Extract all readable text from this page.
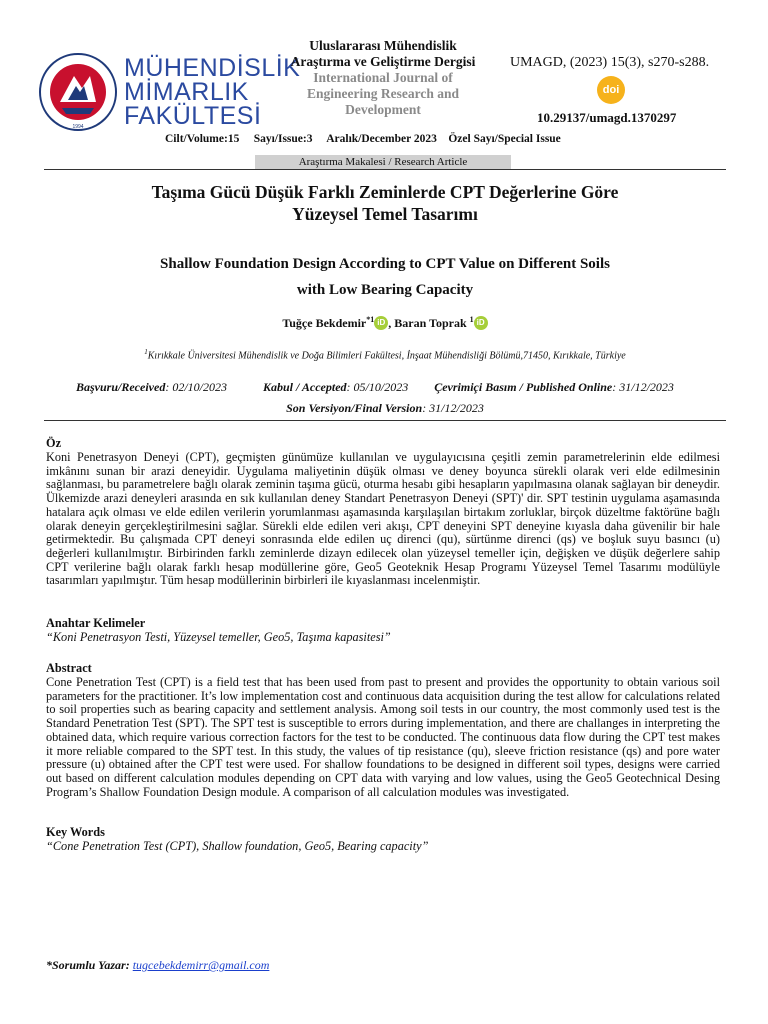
1994
MÜHENDİSLİK
MİMARLIK
FAKÜLTESİ
Uluslararası Mühendislik
Araştırma ve Geliştirme Dergisi
International Journal of
Engineering Research and
Development
UMAGD, (2023) 15(3), s270-s288.
doi
10.29137/umagd.1370297
Cilt/Volume:15     Sayı/Issue:3     Aralık/December 2023    Özel Sayı/Special Issue
Araştırma Makalesi / Research Article
Taşıma Gücü Düşük Farklı Zeminlerde CPT Değerlerine Göre
Yüzeysel Temel Tasarımı
Shallow Foundation Design According to CPT Value on Different Soils
with Low Bearing Capacity
Tuğçe Bekdemir$^{*1}$ iD , Baran Toprak $^1$ iD
$^1$Kırıkkale Üniversitesi Mühendislik ve Doğa Bilimleri Fakültesi, İnşaat Mühendisliği Bölümü,71450, Kırıkkale, Türkiye
Başvuru/Received: 02/10/2023	Kabul / Accepted: 05/10/2023 Çevrimiçi Basım / Published Online: 31/12/2023
Son Versiyon/Final Version: 31/12/2023
Öz
Koni Penetrasyon Deneyi (CPT), geçmişten günümüze kullanılan ve uygulayıcısına çeşitli zemin parametrelerinin elde edilmesi imkânını sunan bir arazi deneyidir. Uygulama maliyetinin düşük olması ve deney boyunca sürekli olarak veri elde edilmesinin sağlanması, bu parametrelere bağlı olarak zeminin taşıma gücü, oturma hesabı gibi hesapların yapılmasına olanak sağlayan bir deneydir. Ülkemizde arazi deneyleri arasında en sık kullanılan deney Standart Penetrasyon Deneyi (SPT)' dir. SPT testinin uygulama aşamasında hatalara açık olması ve elde edilen verilerin yorumlanması aşamasında karşılaşılan birtakım zorluklar, birçok düzeltme faktörüne bağlı olarak deneyin gerçekleştirilmesini sağlar. Sürekli elde edilen veri akışı, CPT deneyini SPT deneyine kıyasla daha güvenilir bir hale getirmektedir. Bu çalışmada CPT deneyi sonrasında elde edilen uç direnci (qu), sürtünme direnci (qs) ve boşluk suyu basıncı (u) değerleri kullanılmıştır. Birbirinden farklı zeminlerde dizayn edilecek olan yüzeysel temeller için, değişken ve düşük değerlere sahip CPT verilerine bağlı olarak farklı hesap modüllerine göre, Geo5 Geoteknik Hesap Programı Yüzeysel Temel Tasarımı modülüyle tasarımları yapılmıştır. Tüm hesap modüllerinin birbirleri ile kıyaslanması incelenmiştir.
Anahtar Kelimeler
“Koni Penetrasyon Testi, Yüzeysel temeller, Geo5, Taşıma kapasitesi”
Abstract
Cone Penetration Test (CPT) is a field test that has been used from past to present and provides the opportunity to obtain various soil parameters for the practitioner. It’s low implementation cost and continuous data acquisition during the test allow for calculations related to soil properties such as bearing capacity and settlement analysis. Among soil tests in our country, the most commonly used test is the Standard Penetration Test (SPT). The SPT test is susceptible to errors during implementation, and there are challanges in interpreting the obtained data, which require various correction factors for the test to be conducted. The continuous data flow during the CPT test makes it more reliable compared to the SPT test. In this study, the values of tip resistance (qu), sleeve friction resistance (qs) and pore water pressure (u) obtained after the CPT test were used. For shallow foundations to be designed in different soil types, designs were carried out based on different calculation modules depending on CPT data with varying and low values, using the Geo5 Geotechnical Desing Program’s Shallow Foundation Design module. A comparison of all calculation modules was investigated.
Key Words
“Cone Penetration Test (CPT), Shallow foundation, Geo5, Bearing capacity”
*Sorumlu Yazar: tugcebekdemirr@gmail.com
